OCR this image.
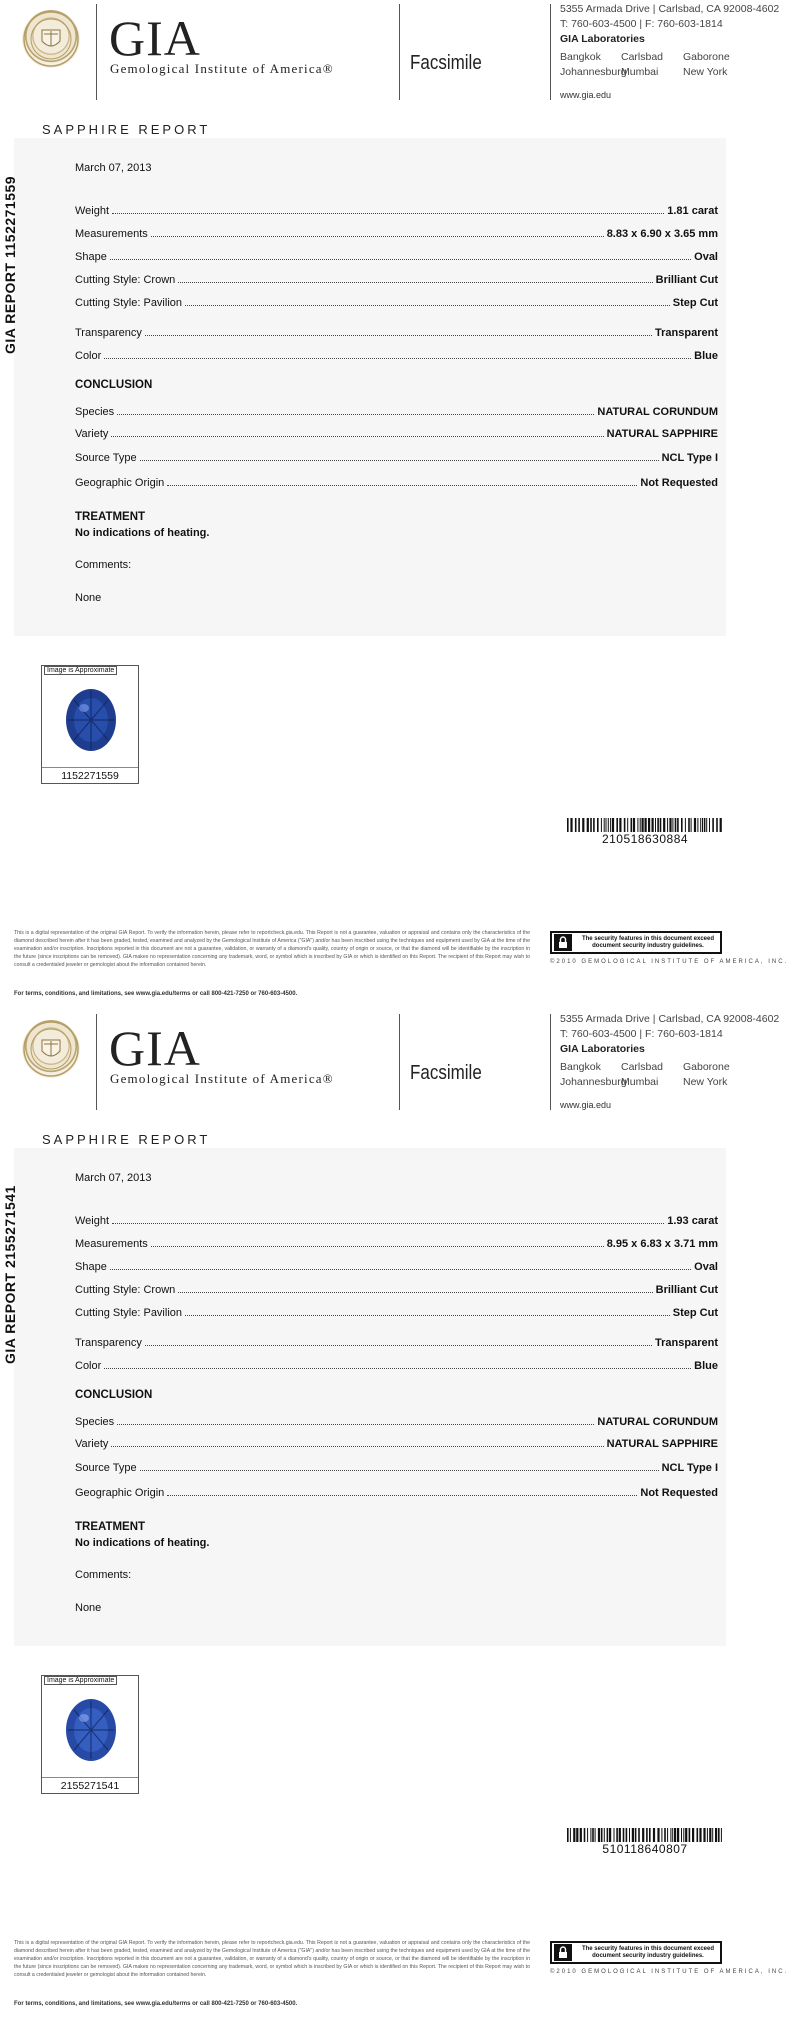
GIA
Gemological Institute of America®	Facsimile
5355 Armada Drive | Carlsbad, CA 92008-4602
T: 760-603-4500 | F: 760-603-1814
GIA Laboratories
Bangkok Carlsbad Gaborone
Johannesburg
Mumbai New York
www.gia.edu
SAPPHIRE REPORT
GIA REPORT 1152271559
March 07, 2013
Weight	1.81 carat
Measurements	8.83 x 6.90 x 3.65 mm
Shape	Oval
Cutting Style: Crown	Brilliant Cut
Cutting Style: Pavilion	Step Cut
Transparency	Transparent
Color	Blue
CONCLUSION
Species	NATURAL CORUNDUM
Variety	NATURAL SAPPHIRE
Source Type	NCL Type I
Geographic Origin	Not Requested
TREATMENT
No indications of heating.
Comments:
None
Image is Approximate
1152271559
210518630884
This is a digital representation of the original GIA Report. To verify the information herein, please refer to reportcheck.gia.edu. This Report is not a guarantee, valuation or appraisal and contains only the characteristics of the diamond described herein after it has been graded, tested, examined and analyzed by the Gemological Institute of America ("GIA") and/or has been inscribed using the techniques and equipment used by GIA at the time of the examination and/or inscription. Inscriptions reported in this document are not a guarantee, validation, or warranty of a diamond's quality, country of origin or source, or that the diamond will be identifiable by the inscription in the future (since inscriptions can be removed). GIA makes no representation concerning any trademark, word, or symbol which is inscribed by GIA or which is identified on this Report. The recipient of this Report may wish to consult a credentialed jeweler or gemologist about the information contained herein.
For terms, conditions, and limitations, see www.gia.edu/terms or call 800-421-7250 or 760-603-4500.
The security features in this document exceed document security industry guidelines.
©2010 GEMOLOGICAL INSTITUTE OF AMERICA, INC.
GIA
Gemological Institute of America®	Facsimile
5355 Armada Drive | Carlsbad, CA 92008-4602
T: 760-603-4500 | F: 760-603-1814
GIA Laboratories
Bangkok Carlsbad Gaborone
Johannesburg
Mumbai New York
www.gia.edu
SAPPHIRE REPORT
GIA REPORT 2155271541
March 07, 2013
Weight	1.93 carat
Measurements	8.95 x 6.83 x 3.71 mm
Shape	Oval
Cutting Style: Crown	Brilliant Cut
Cutting Style: Pavilion	Step Cut
Transparency	Transparent
Color	Blue
CONCLUSION
Species	NATURAL CORUNDUM
Variety	NATURAL SAPPHIRE
Source Type	NCL Type I
Geographic Origin	Not Requested
TREATMENT
No indications of heating.
Comments:
None
Image is Approximate
2155271541
510118640807
This is a digital representation of the original GIA Report. To verify the information herein, please refer to reportcheck.gia.edu. This Report is not a guarantee, valuation or appraisal and contains only the characteristics of the diamond described herein after it has been graded, tested, examined and analyzed by the Gemological Institute of America ("GIA") and/or has been inscribed using the techniques and equipment used by GIA at the time of the examination and/or inscription. Inscriptions reported in this document are not a guarantee, validation, or warranty of a diamond's quality, country of origin or source, or that the diamond will be identifiable by the inscription in the future (since inscriptions can be removed). GIA makes no representation concerning any trademark, word, or symbol which is inscribed by GIA or which is identified on this Report. The recipient of this Report may wish to consult a credentialed jeweler or gemologist about the information contained herein.
For terms, conditions, and limitations, see www.gia.edu/terms or call 800-421-7250 or 760-603-4500.
The security features in this document exceed document security industry guidelines.
©2010 GEMOLOGICAL INSTITUTE OF AMERICA, INC.
